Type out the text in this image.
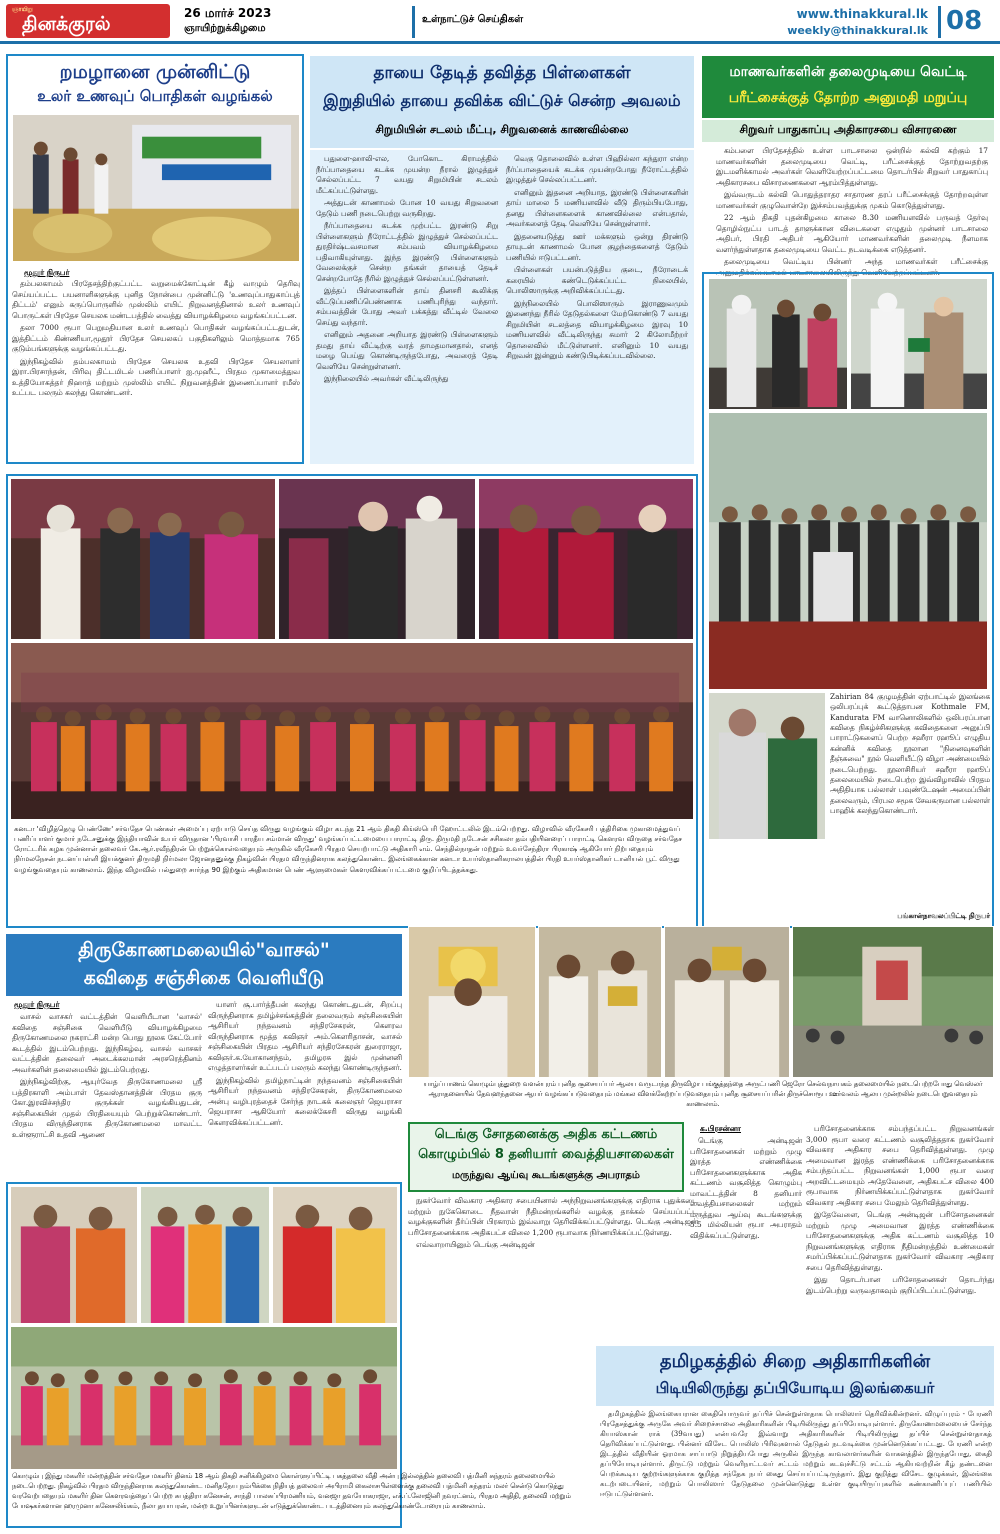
ஞாயிறு
தினக்குரல்	26 மார்ச் 2023
ஞாயிற்றுக்கிழமை
உள்நாட்டுச் செய்திகள்	www.thinakkural.lk
weekly@thinakkural.lk 08
றமழானை முன்னிட்டு
உலர் உணவுப் பொதிகள் வழங்கல்
மூதூர் நிருபர்

தம்பலகாமம் பிரதேசத்திற்குட்பட்ட வறுமைக்கோட்டின் கீழ் வாழும் தெரிவு செய்யப்பட்ட பயனாளிகளுக்கு புனித நோன்பை முன்னிட்டு 'உணவுப்பாதுகாப்புத் திட்டம்' எனும் கருப்பொருளில் முஸ்லிம் எயிட் நிறுவனத்தினால் உலர் உணவுப் பொருட்கள் பிரதேச செயலக மண்டபத்தில் வைத்து வியாழக்கிழமை வழங்கப்பட்டன.

தலா 7000 ரூபா பெறுமதியான உலர் உணவுப் பொதிகள் வழங்கப்பட்டதுடன், இத்திட்டம் கிண்ணியா,மூதூர் பிரதேச செயலகப் பகுதிகளிலும் மொத்தமாக 765 குடும்பங்களுக்கு வழங்கப்பட்டது.

இந்நிகழ்வில் தம்பலகாமம் பிரதேச செயலக உதவி பிரதேச செயலாளர் இரா.பிரசாந்தன், பிரிவு திட்டமிடல் பணிப்பாளர் ஐ.முஹீட், பிரதம முகாமைத்துவ உத்தியோகத்தர் நிஹாத் மற்றும் முஸ்லிம் எயிட் நிறுவனத்தின் இணைப்பாளர் ரமீஸ் உட்பட பலரும் கலந்து கொண்டனர்.

தாயை தேடித் தவித்த பிள்ளைகள்
இறுதியில் தாயை தவிக்க விட்டுச் சென்ற அவலம்
சிறுமியின் சடலம் மீட்பு, சிறுவனைக் காணவில்லை

பதுளை-ஹாலி-எல, போகொட கிராமத்தில் நீர்ப்பாதையை கடக்க முயன்ற நீரால் இழுத்துச் செல்லப்பட்ட 7 வயது சிறுமியின் சடலம் மீட்கப்பட்டுள்ளது.

அத்துடன் காணாமல் போன 10 வயது சிறுவனை தேடும் பணி நடைபெற்று வருகிறது.

நீர்ப்பாதையை கடக்க முற்பட்ட இரண்டு சிறு பிள்ளைகளும் நீரோட்டத்தில் இழுத்துச் செல்லப்பட்ட துரதிர்ஷ்டவசமான சம்பவம் வியாழக்கிழமை பதிவாகியுள்ளது. இந்த இரண்டு பிள்ளைகளும் வேலைக்குச் சென்ற தங்கள் தாயைத் தேடிச் சென்றபோதே நீரில் இழுத்துச் செல்லப்பட்டுள்ளனர்.

இத்தப் பிள்ளைகளின் தாய் தினசரி கூலிக்கு வீட்டுப்பணிப்பெண்ணாக பணிபுரிந்து வந்தார். சம்பவத்தின் போது அவர் பக்கத்து வீட்டில் வேலை செய்து வந்தார்.

எனினும் அதனை அறியாத இரண்டு பிள்ளைகளும் தமது தாய் வீட்டிற்கு வரத் தாமதமானதால், எனத் மழை பெய்து கொண்டிருந்தபோது, அவரைத் தேடி வெளியே சென்றுள்ளனர்.

இந்நிலையில் அவர்கள் வீட்டிலிருந்து

வெகு தொலைவில் உள்ள பிஹில்லா கந்துரா என்ற நீர்ப்பாதையைக் கடக்க முயன்றபோது நீரோட்டத்தில் இழுத்துச் செல்லப்பட்டனர்.

எனினும் இதனை அறியாத, இரண்டு பிள்ளைகளின் தாய் மாலை 5 மணியளவில் வீடு திரும்பியபோது, தனது பிள்ளைகளைக் காணவில்லை என்பதால், அவர்களைத் தேடி வெளியே சென்றுள்ளார்.

இதனையடுத்து ஊர் மக்களும் ஒன்று திரண்டு தாயுடன் காணாமல் போன குழந்தைகளைத் தேடும் பணியில் ஈடுபட்டனர்.

பிள்ளைகள் பயன்படுத்திய குடை, நீரோடைக் கரையில் கண்டெடுக்கப்பட்ட நிலையில், பொலிஸாருக்கு அறிவிக்கப்பட்டது.

இந்நிலையில் பொலிஸாரும் இராணுவமும் இணைந்து நீரில் தேடுதல்களை மேற்கொண்டு 7 வயது சிறுமியின் சடலத்தை வியாழக்கிழமை இரவு 10 மணியளவில் வீட்டிலிருந்து சுமார் 2 கிலோமீற்றர் தொலைவில் மீட்டுள்ளனர். எனினும் 10 வயது சிறுவன் இன்னும் கண்டுபிடிக்கப்படவில்லை.

மாணவர்களின் தலைமுடியை வெட்டி
பரீட்சைக்குத் தோற்ற அனுமதி மறுப்பு
சிறுவர் பாதுகாப்பு அதிகாரசபை விசாரணை

கம்பளை பிரதேசத்தில் உள்ள பாடசாலை ஒன்றில் கல்வி கற்கும் 17 மாணவர்களின் தலைமுடியை வெட்டி, பரீட்சைக்குத் தோற்றுவதற்கு இடமளிக்காமல் அவர்கள் வெளியேற்றப்பட்டமை தொடர்பில் சிறுவர் பாதுகாப்பு அதிகாரசபை விசாரணைகளை ஆரம்பித்துள்ளது.

இவ்வருடம் கல்வி பொதுத்தராதர சாதாரண தரப் பரீட்சைக்குத் தோற்றவுள்ள மாணவர்கள் குழுவொன்றே இச்சம்பவத்துக்கு முகம் கொடுத்துள்ளது.

22 ஆம் திகதி புதன்கிழமை காலை 8.30 மணியளவில் பருவத் தேர்வு தொழில்நுட்ப பாடத் தாளுக்கான விடைகளை எழுதும் முன்னர் பாடசாலை அதிபர், பிரதி அதிபர் ஆகியோர் மாணவர்களின் தலைமுடி நீளமாக வளர்ந்துள்ளதாக தலைமுடியை வெட்ட நடவடிக்கை எடுத்தனர்.

தலைமுடியை வெட்டிய பின்னர் அந்த மாணவர்கள் பரீட்சைக்கு அனுமதிக்கப்படாமல் பாடசாலையிலிருந்து வெளியேற்றப்பட்டனர்.

Zahirian 84 குழுமத்தின் ஏற்பாட்டில் இலங்கை ஒலிபரப்புக் கூட்டுத்தாபன Kothmale FM, Kandurata FM வானொலிகளில் ஒலிபரப்பான கவிதை நிகழ்ச்சிகளுக்கு கவிதைகளை அனுப்பி பாராட்டுகளைப் பெற்ற சஹீரா ரஹூப் எழுதிய கன்னிக் கவிதை நூலான "நினைவுகளின் தீஞ்சுவை" நூல் வெளியீட்டு விழா அண்மையில் நடைபெற்றது. நூலாசிரியர் சஹீரா ரஹூப் தலைமையில் நடைபெற்ற இவ்விழாவில் பிரதம அதிதியாக பல்லாள் பவுண்டேஷன் அமைப்பின் தலைவரும், பிரபல சமூக சேவகருமான பல்லாள் பாஹிக் கலந்துகொண்டார்.
பங்காள்நாவலப்பிட்டி நிருபர்
கனடா 'விழித்தெழு பெண்ணே' சர்வதேச பெண்கள் அமைப்பு ஏற்பாடு செய்த விருது வழங்கும் விழா கடந்த 21 ஆம் திகதி கிங்ஸ்பெரி ஹோட்டலில் இடம்பெற்றது. விழாவில் வீரகேசரி பத்திரிகை முகாமைத்துவப் பணிப்பாளர் குமார் நடேசனுக்கு இந்தியாவின் உயர் விருதான 'பிரவாசி பாரதீய சம்மான் விருது' வழங்கப்பட்டமையை பாராட்டி திரு. திருமதி நடேசன் சசிகலா தம்பதியினரைப் பாராட்டி கௌரவ விருதை சர்வதேச ரோட்டரிக் கழக முன்னாள் தலைவர் கே.ஆர்.ரவீந்திரன் பெற்றுக்கொள்வதையும் அருகில் வீரகேசரி பிரதம செயற்பாட்டு அதிகாரி எம். செந்தில்நாதன் மற்றும் உவர்சேந்திரா பிரகாஷ் ஆகியோர் நிற்பதையும் நிர்மலநேசன் நடனப்பள்ளி இயக்குனர் திருமதி நிர்மலா ஜோனதனுக்கு நிகழ்வின் பிரதம விருந்தினராக கலந்துகொண்ட இலங்கைக்கான கனடா உயர்ஸ்தானிகராலயத்தின் பிரதி உயர்ஸ்தானிகர் டானியல் பூட் விருது வழங்குவதையும் காணலாம். இந்த விழாவில் பல்துறை சார்ந்த 90 இற்கும் அதிகமான பெண் ஆளுமைகள் கௌரவிக்கப்பட்டமை குறிப்பிடத்தக்கது.
திருகோணமலையில்"வாசல்"
கவிதை சஞ்சிகை வெளியீடு
மூதூர் நிருபர்

வாசல் வாசகர் வட்டத்தின் வெளியீடான 'வாசல்' கவிதை சஞ்சிகை வெளியீடு வியாழக்கிழமை திருகோணமலை நகராட்சி மன்ற பொது நூலக கேட்போர் கூடத்தில் இடம்பெற்றது. இந்நிகழ்வு, வாசல் வாசகர் வட்டத்தின் தலைவர் அடைக்கலமான் அரசரெத்தினம் அவர்களின் தலைமையில் இடம்பெற்றது.

இந்நிகழ்விற்கு, ஆயுர்வேத திருகோணமலை ஸ்ரீ பத்திரகாளி அம்பாள் தேவஸ்தானத்தின் பிரதம குரு கோ.இரவிச்சந்திர குருக்கள் வழங்கியதுடன், சஞ்சிகையின் முதல் பிரதியையும் பெற்றுக்கொண்டார். பிரதம விருந்தினராக திருகோணமலை மாவட்ட உள்ளூராட்சி உதவி ஆணை

யாளர் சூ.பார்த்தீபன் கலந்து கொண்டதுடன், சிறப்பு விருந்தினராக தமிழ்ச்சங்கத்தின் தலைவரும் சஞ்சிகையின் ஆசிரியர் நந்தவனம் சந்திரசேகரன், கௌரவ விருந்தினராக மூத்த கவிஞர் அம்.கௌரிதாசன், வாசல் சஞ்சிகையின் பிரதம ஆசிரியர் சந்திரசேகரன் துரைராஜா, கவிஞர்.க.யோகானந்தம், தமிழரசு இல் முன்னனி எழுத்தாளர்கள் உட்படப் பலரும் கலந்து கொண்டிருந்தனர்.

இந்நிகழ்வில் தமிழ்நாட்டின் நந்தவனம் சஞ்சிகையின் ஆசிரியர் நந்தவனம் சந்திரசேகரன், திருகோணமலை அன்பு வழிபுரத்தைச் சேர்ந்த நாடகக் கலைஞர் ஜெயராசா ஜெயராசா ஆகியோர் கலைக்கேசரி விருது வழங்கி கௌரவிக்கப்பட்டனர்.

யாழ்ப்பாணம் கொழும்புத்துறை வளன்புரம் புனித சூசையப்பர் ஆலய வருடாந்த திருவிழா பங்குத்தந்தை அருட்பணி ஜெரோ செல்வநாயகம் தலைமையில் நடைபெற்றபோது வெஸ்லர் ஆராதனையில் தேவஹந்தனை ஆயர் வழங்கப்படுவதையும் மங்கல விளக்கேற்றப்படுவதையும் புனித சூசையப்பரின் திருச்சொரூப ஊர்வலம் ஆலய முன்றலில் நடைபெறுவதையும் காணலாம்.
டெங்கு சோதனைக்கு அதிக கட்டணம்
கொழும்பில் 8 தனியார் வைத்தியசாலைகள்
மருந்துவ ஆய்வு கூடங்களுக்கு அபராதம்
க.பிரசன்னா

டெங்கு அன்டிஜன் பரிசோதனைகள் மற்றும் முழு இரத்த எண்ணிக்கை பரிசோதனைகளுக்காக அதிக கட்டணம் வசூலித்த கொழும்பு மாவட்டத்தின் 8 தனியார் வைத்தியசாலைகள் மற்றும் மருத்துவ ஆய்வு கூடங்களுக்கு 5.5 மில்லியன் ரூபா அபராதம் விதிக்கப்பட்டுள்ளது.

நுகர்வோர் விவகார அதிகார சபையினால் அந்நிறுவனங்களுக்கு எதிராக புதுக்கடை மற்றும் நுகேகொடை நீதவான் நீதிமன்றங்களில் வழக்கு தாக்கல் செய்யப்பட்ட வழக்குகளின் தீர்ப்பின் பிரகாரம் இவ்வாறு தெரிவிக்கப்பட்டுள்ளது. டெங்கு அன்டிஜன் பரிசோதனைக்காக அதிகபட்ச விலை 1,200 ரூபாவாக நிர்ணயிக்கப்பட்டுள்ளது.

எவ்வாறாயினும் டெங்கு அன்டிஜன்

பரிசோதனைக்காக சம்பந்தப்பட்ட நிறுவனங்கள் 3,000 ரூபா வரை கட்டணம் வசூலித்ததாக நுகர்வோர் விவகார அதிகார சபை தெரிவித்துள்ளது. முழு அமைவான இரத்த எண்ணிக்கை பரிசோதனைக்காக சம்பந்தப்பட்ட நிறுவனங்கள் 1,000 ரூபா வரை அறவிட்டமையும் அதேவேளை, அதிகபட்ச விலை 400 ரூபாவாக நிர்ணயிக்கப்பட்டுள்ளதாக நுகர்வோர் விவகார அதிகார சபை மேலும் தெரிவித்துள்ளது.

இதேவேளை, டெங்கு அன்டிஜன் பரிசோதனைகள் மற்றும் முழு அமைவான இரத்த எண்ணிக்கை பரிசோதனைகளுக்கு அதிக கட்டணம் வசூலித்த 10 நிறுவனங்களுக்கு எதிராக நீதிமன்றத்தில் உண்மைகள் சமர்ப்பிக்கப்பட்டுள்ளதாக நுகர்வோர் விவகார அதிகார சபை தெரிவித்துள்ளது.

இது தொடர்பான பரிசோதனைகள் தொடர்ந்து இடம்பெற்று வருவதாகவும் குறிப்பிடப்பட்டுள்ளது.

கொழும்பு இந்து மகளிர் மன்றத்தின் சர்வதேச மகளிர் தினம் 18 ஆம் திகதி சனிக்கிழமை கொள்ளுப்பிட்டி பகத்தலை வீதி அன்பு இல்லத்தில் தலைவி பத்மினி சுந்தரம் தலைமையில் நடைபெற்றது. நிகழ்வில் பிரதம விருந்தினராக கலந்துகொண்ட மனிதநேய நம்பிக்கை நிதியத் தலைவர் அபிராமி கைலாசபிள்ளைக்கு தலைவி பத்மினி சுந்தரம் மலர் சென்டு கொடுத்து வரவேற்பதையும் மகளிர் தின கௌரவத்தைப் பெற்ற சுபத்திரா கனேசன், சாந்தி பாலசுப்பிரமணியம், வனஜா தவயோகராஜா, எச்.ப்.லோஜினி நவரட்னம், பிரதம அதிதி, தலைவி மற்றும் போஷகர்களான ஹரமுனா கனேசலிங்கம், நீலா தயாபரன், மன்ற உறுப்பினர்களுடன் எடுத்துக்கொண்ட படத்தினையும் கலந்துகொண்டோரையும் காணலாம்.
தமிழகத்தில் சிறை அதிகாரிகளின்
பிடியிலிருந்து தப்பியோடிய இலங்கையர்
தமிழகத்தில் இலங்கையரான கைதியொருவர் தப்பிச் சென்றுள்ளதாக பொலிஸார் தெரிவிக்கின்றனர். விழுப்புரம் - பேரணி பிரதேசத்துக்கு அருகே அவர் சிறைச்சாலை அதிகாரிகளின் பிடியிலிருந்து தப்பியோடியுள்ளார். திருகோணமலையைச் சேர்ந்த கியாஸ்கான் ராக் (39வயது) என்பவரே இவ்வாறு அதிகாரிகளின் பிடியிலிருந்து தப்பிச் சென்றுள்ளதாகத் தெரிவிக்கப்பட்டுள்ளது. பின்னர் விசேட பொலிஸ் பிரிவுகளால் தேடுதல் நடவடிக்கை முன்னெடுக்கப்பட்டது. பேரணி என்ற இடத்தில் வீதியின் ஓரமாக சாப்பாடு நிறுத்தியபோது அருகில் இருந்த காவலாளர்களின் வாகனத்தில் இருந்தபோது, கைதி தப்பியோடியுள்ளார். திருட்டு மற்றும் வெளிநாட்டவர் சட்டம் மற்றும் கடவுச்சீட்டு சட்டம் ஆகியவற்றின் கீழ் தண்டனை பெறக்கூடிய குற்றங்களுக்காக குறித்த சந்தேக நபர் கைது செய்யப்பட்டிருந்தார். இது குறித்து விசேட குழுக்கள், இலங்கை கடற்படையினர், மற்றும் பொலிஸார் தேடுதலை முன்னெடுத்து உள்ள குடியிருப்புகளில் கண்காணிப்புப் பணியில் ஈடுபட்டுள்ளனர்.
